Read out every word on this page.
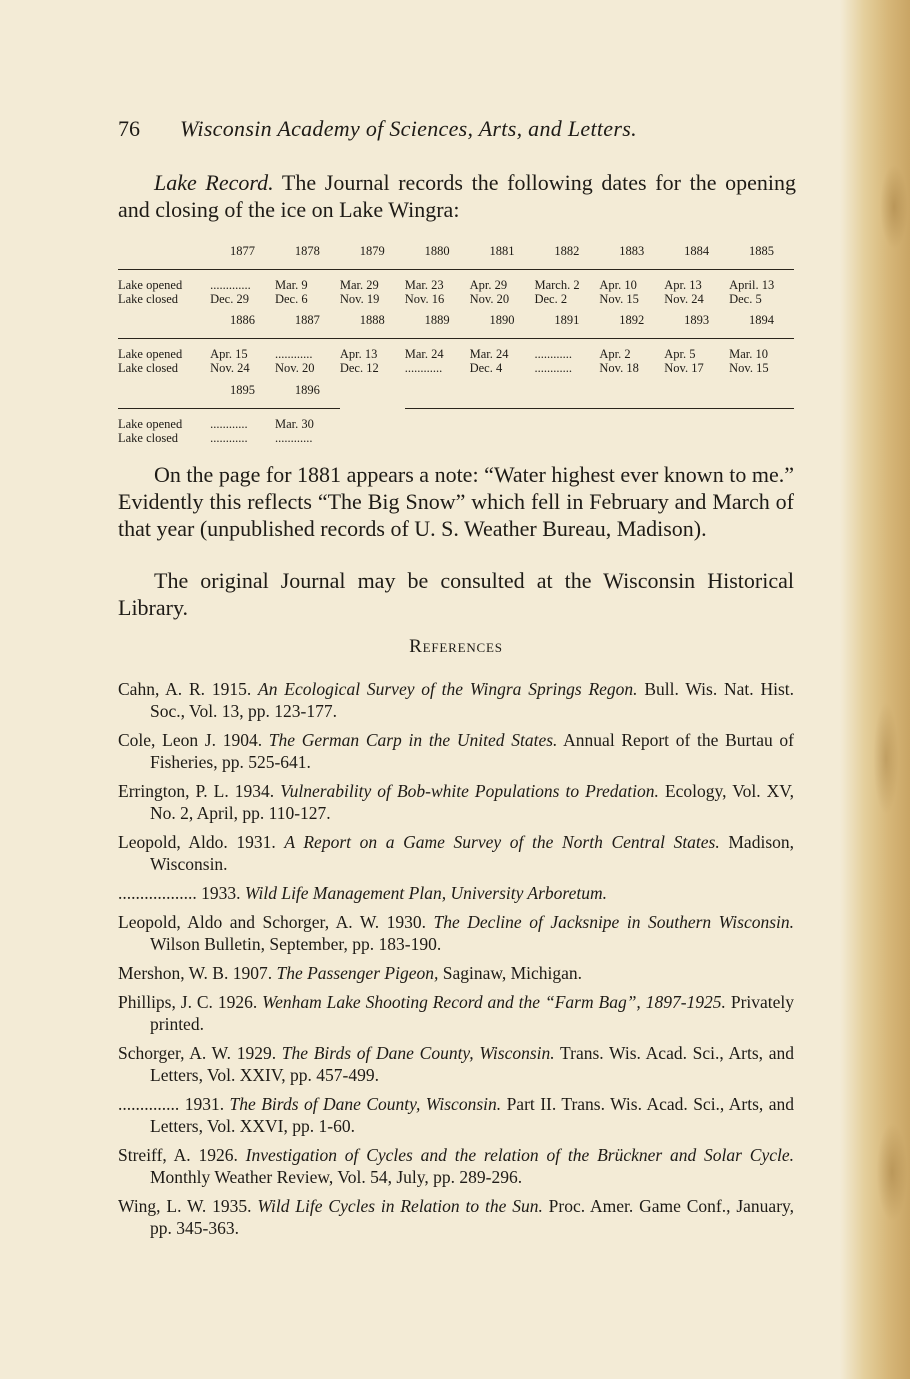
76 Wisconsin Academy of Sciences, Arts, and Letters.
Lake Record. The Journal records the following dates for the opening and closing of the ice on Lake Wingra:
	1877	1878	1879	1880	1881	1882	1883	1884	1885
Lake opened	.............	Mar. 9	Mar. 29	Mar. 23	Apr. 29	March. 2	Apr. 10	Apr. 13	April. 13
Lake closed	Dec. 29	Dec. 6	Nov. 19	Nov. 16	Nov. 20	Dec. 2	Nov. 15	Nov. 24	Dec. 5
	1886	1887	1888	1889	1890	1891	1892	1893	1894
Lake opened	Apr. 15	............	Apr. 13	Mar. 24	Mar. 24	............	Apr. 2	Apr. 5	Mar. 10
Lake closed	Nov. 24	Nov. 20	Dec. 12	............	Dec. 4	............	Nov. 18	Nov. 17	Nov. 15
	1895	1896							
Lake opened	............	Mar. 30							
Lake closed	............	............							
On the page for 1881 appears a note: “Water highest ever known to me.” Evidently this reflects “The Big Snow” which fell in February and March of that year (unpublished records of U. S. Weather Bureau, Madison).
The original Journal may be consulted at the Wisconsin Historical Library.
References
Cahn, A. R. 1915. An Ecological Survey of the Wingra Springs Regon. Bull. Wis. Nat. Hist. Soc., Vol. 13, pp. 123-177.
Cole, Leon J. 1904. The German Carp in the United States. Annual Report of the Burtau of Fisheries, pp. 525-641.
Errington, P. L. 1934. Vulnerability of Bob-white Populations to Predation. Ecology, Vol. XV, No. 2, April, pp. 110-127.
Leopold, Aldo. 1931. A Report on a Game Survey of the North Central States. Madison, Wisconsin.
.................. 1933. Wild Life Management Plan, University Arboretum.
Leopold, Aldo and Schorger, A. W. 1930. The Decline of Jacksnipe in Southern Wisconsin. Wilson Bulletin, September, pp. 183-190.
Mershon, W. B. 1907. The Passenger Pigeon, Saginaw, Michigan.
Phillips, J. C. 1926. Wenham Lake Shooting Record and the “Farm Bag”, 1897-1925. Privately printed.
Schorger, A. W. 1929. The Birds of Dane County, Wisconsin. Trans. Wis. Acad. Sci., Arts, and Letters, Vol. XXIV, pp. 457-499.
.............. 1931. The Birds of Dane County, Wisconsin. Part II. Trans. Wis. Acad. Sci., Arts, and Letters, Vol. XXVI, pp. 1-60.
Streiff, A. 1926. Investigation of Cycles and the relation of the Brückner and Solar Cycle. Monthly Weather Review, Vol. 54, July, pp. 289-296.
Wing, L. W. 1935. Wild Life Cycles in Relation to the Sun. Proc. Amer. Game Conf., January, pp. 345-363.
